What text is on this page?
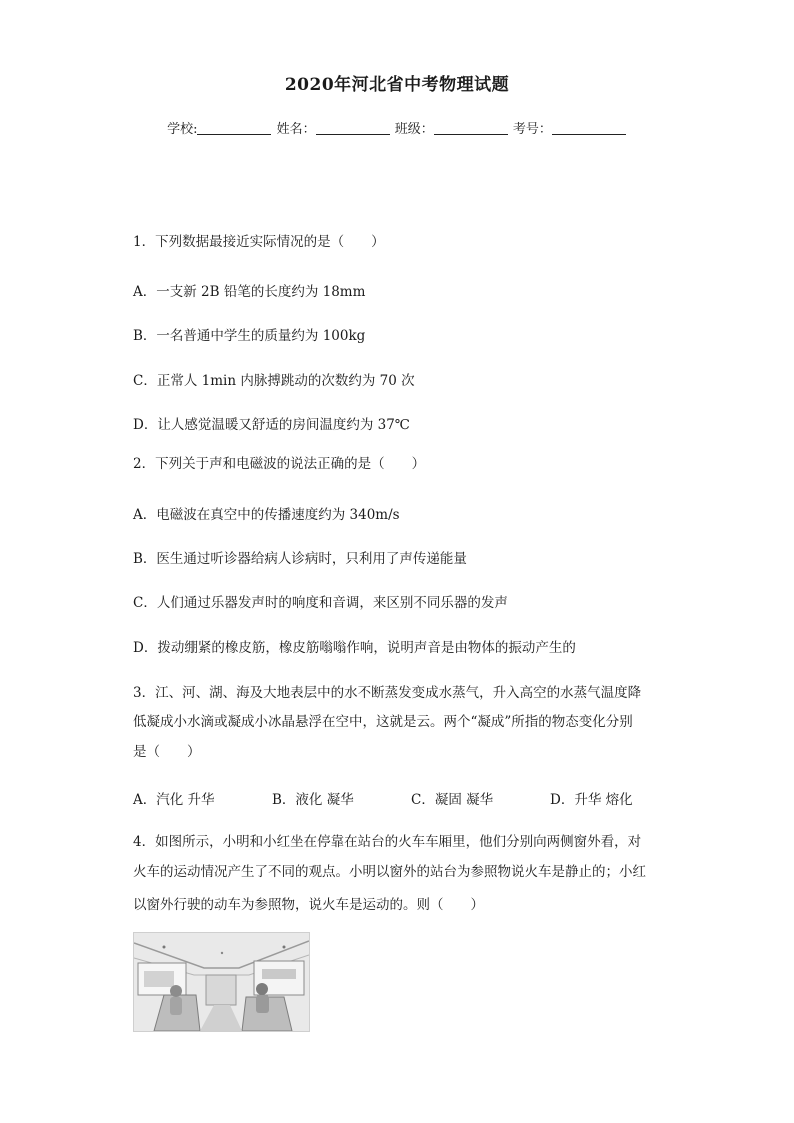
2020年河北省中考物理试题
学校:	姓名：	班级：	考号：
1．下列数据最接近实际情况的是（　　）
A．一支新 2B 铅笔的长度约为 18mm
B．一名普通中学生的质量约为 100kg
C．正常人 1min 内脉搏跳动的次数约为 70 次
D．让人感觉温暖又舒适的房间温度约为 37℃
2．下列关于声和电磁波的说法正确的是（　　）
A．电磁波在真空中的传播速度约为 340m/s
B．医生通过听诊器给病人诊病时，只利用了声传递能量
C．人们通过乐器发声时的响度和音调，来区别不同乐器的发声
D．拨动绷紧的橡皮筋，橡皮筋嗡嗡作响，说明声音是由物体的振动产生的
3．江、河、湖、海及大地表层中的水不断蒸发变成水蒸气，升入高空的水蒸气温度降
低凝成小水滴或凝成小冰晶悬浮在空中，这就是云。两个“凝成”所指的物态变化分别
是（　　）
A．汽化 升华	B．液化 凝华	C．凝固 凝华	D．升华 熔化
4．如图所示，小明和小红坐在停靠在站台的火车车厢里，他们分别向两侧窗外看，对
火车的运动情况产生了不同的观点。小明以窗外的站台为参照物说火车是静止的；小红
以窗外行驶的动车为参照物，说火车是运动的。则（　　）
